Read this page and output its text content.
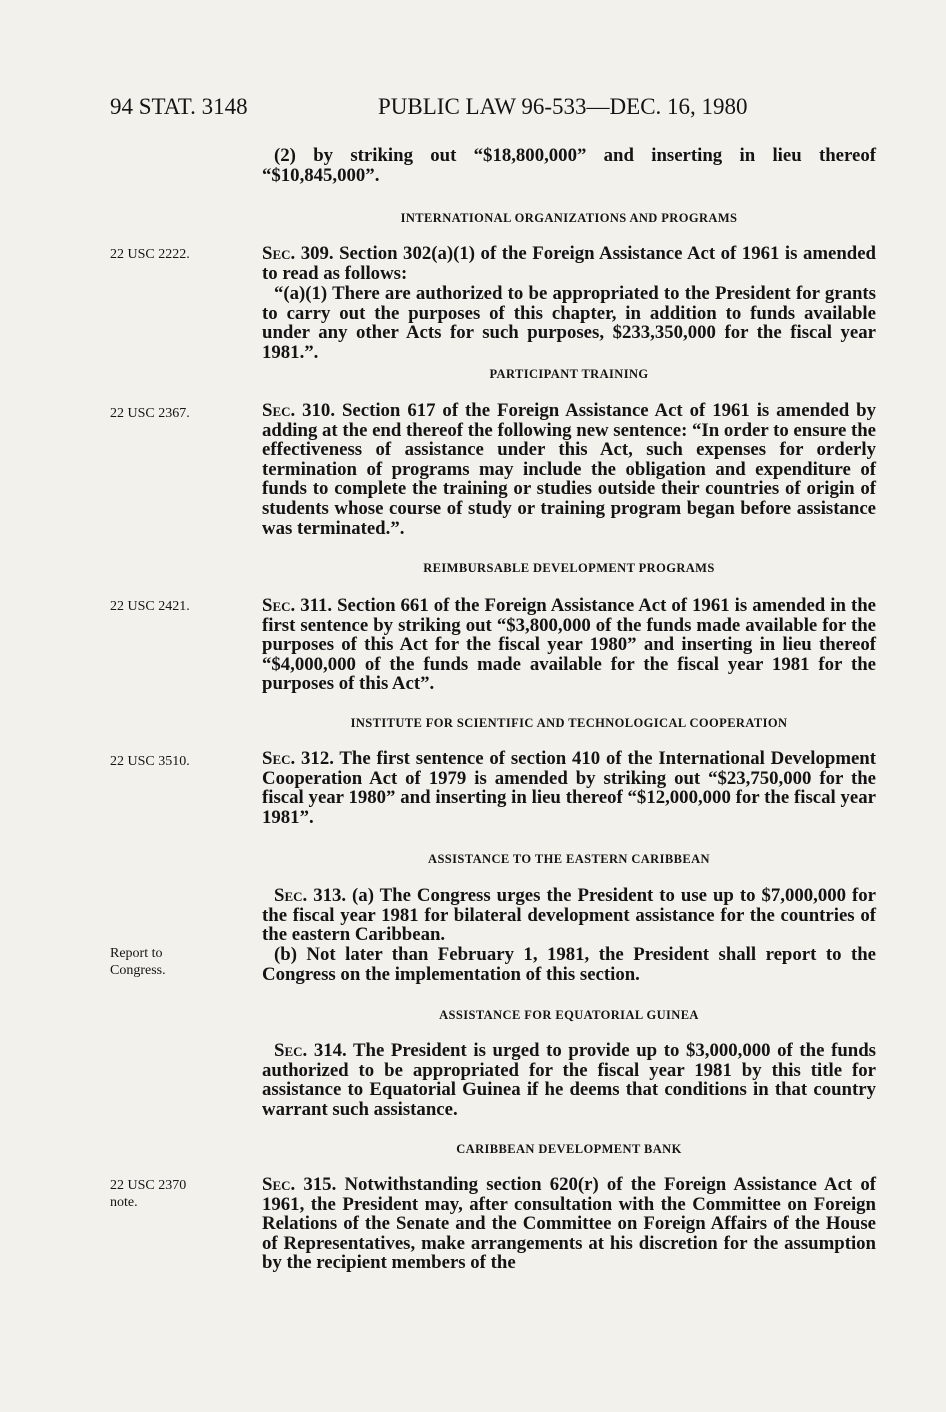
94 STAT. 3148	PUBLIC LAW 96-533—DEC. 16, 1980
(2) by striking out “$18,800,000” and inserting in lieu thereof “$10,845,000”.
INTERNATIONAL ORGANIZATIONS AND PROGRAMS
22 USC 2222.	Sec. 309. Section 302(a)(1) of the Foreign Assistance Act of 1961 is amended to read as follows:
“(a)(1) There are authorized to be appropriated to the President for grants to carry out the purposes of this chapter, in addition to funds available under any other Acts for such purposes, $233,350,000 for the fiscal year 1981.”.
PARTICIPANT TRAINING
22 USC 2367.	Sec. 310. Section 617 of the Foreign Assistance Act of 1961 is amended by adding at the end thereof the following new sentence: “In order to ensure the effectiveness of assistance under this Act, such expenses for orderly termination of programs may include the obligation and expenditure of funds to complete the training or studies outside their countries of origin of students whose course of study or training program began before assistance was terminated.”.
REIMBURSABLE DEVELOPMENT PROGRAMS
22 USC 2421.	Sec. 311. Section 661 of the Foreign Assistance Act of 1961 is amended in the first sentence by striking out “$3,800,000 of the funds made available for the purposes of this Act for the fiscal year 1980” and inserting in lieu thereof “$4,000,000 of the funds made available for the fiscal year 1981 for the purposes of this Act”.
INSTITUTE FOR SCIENTIFIC AND TECHNOLOGICAL COOPERATION
22 USC 3510.	Sec. 312. The first sentence of section 410 of the International Development Cooperation Act of 1979 is amended by striking out “$23,750,000 for the fiscal year 1980” and inserting in lieu thereof “$12,000,000 for the fiscal year 1981”.
ASSISTANCE TO THE EASTERN CARIBBEAN
Sec. 313. (a) The Congress urges the President to use up to $7,000,000 for the fiscal year 1981 for bilateral development assistance for the countries of the eastern Caribbean.
Report to Congress.
(b) Not later than February 1, 1981, the President shall report to the Congress on the implementation of this section.
ASSISTANCE FOR EQUATORIAL GUINEA
Sec. 314. The President is urged to provide up to $3,000,000 of the funds authorized to be appropriated for the fiscal year 1981 by this title for assistance to Equatorial Guinea if he deems that conditions in that country warrant such assistance.
CARIBBEAN DEVELOPMENT BANK
22 USC 2370 note.
Sec. 315. Notwithstanding section 620(r) of the Foreign Assistance Act of 1961, the President may, after consultation with the Committee on Foreign Relations of the Senate and the Committee on Foreign Affairs of the House of Representatives, make arrangements at his discretion for the assumption by the recipient members of the
